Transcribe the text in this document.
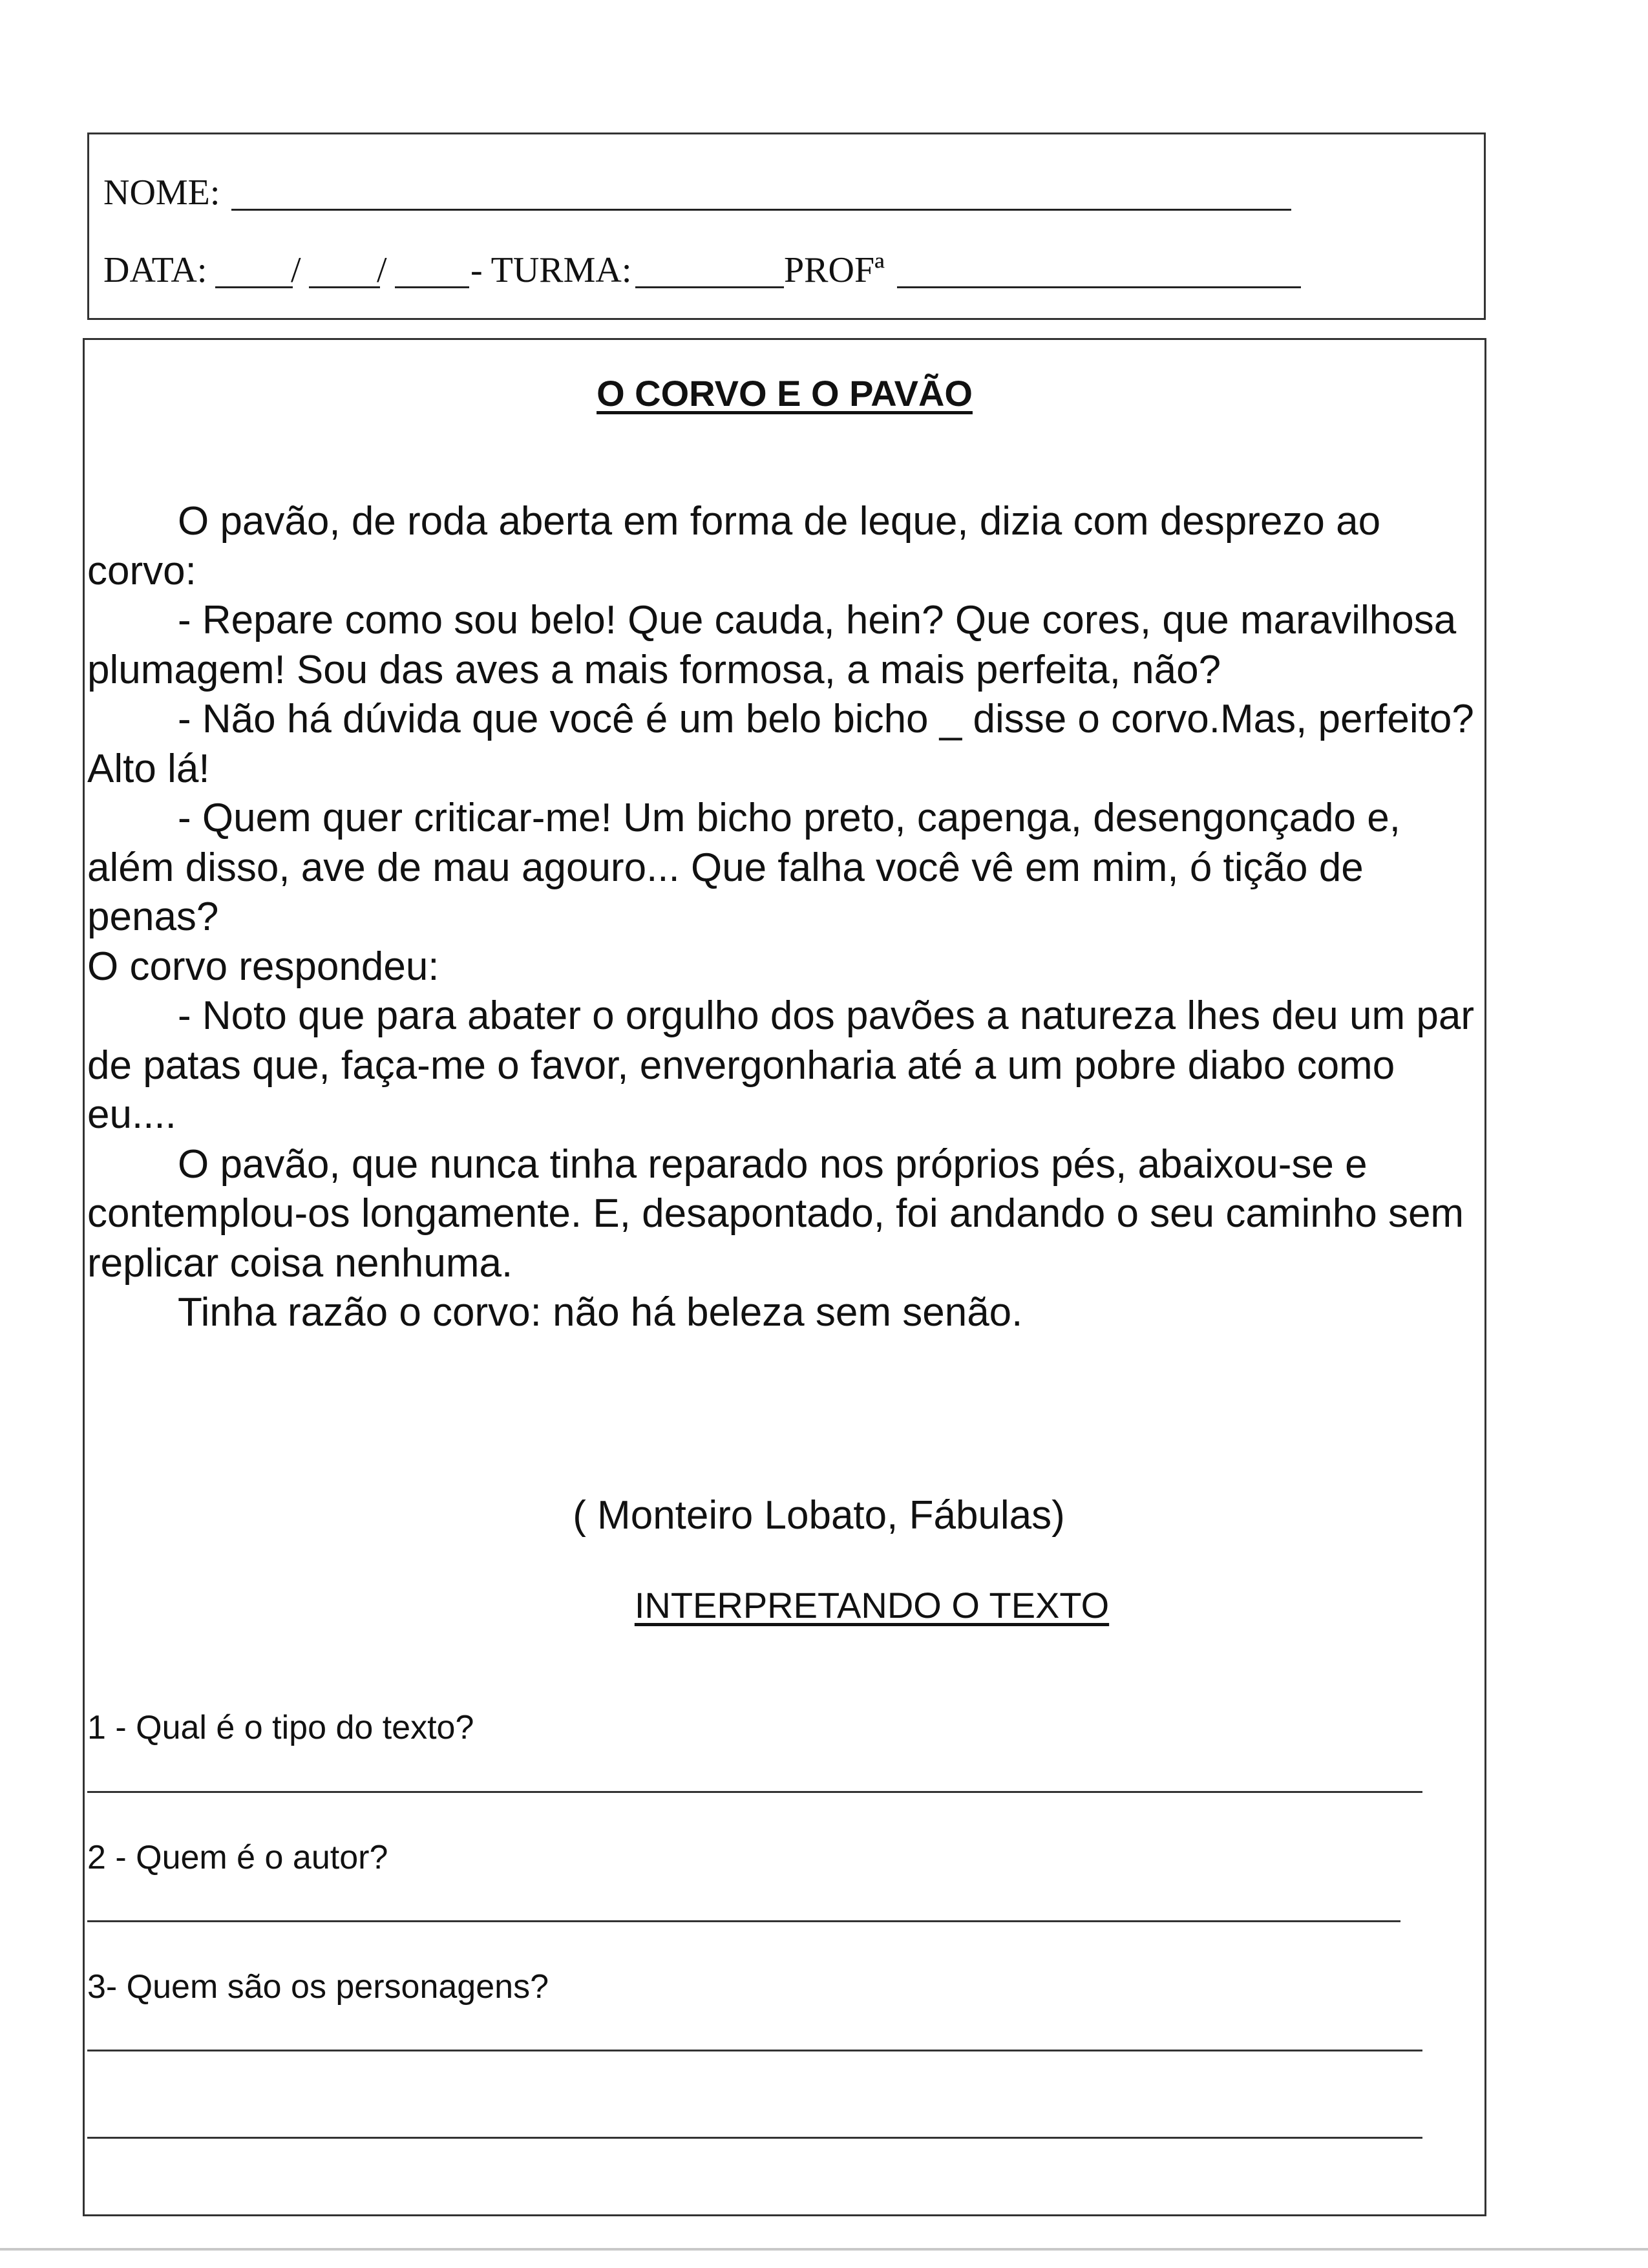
NOME:
DATA: / / - TURMA:	PROFª
O CORVO E O PAVÃO

O pavão, de roda aberta em forma de leque, dizia com desprezo ao corvo:

- Repare como sou belo! Que cauda, hein? Que cores, que maravilhosa plumagem! Sou das aves a mais formosa, a mais perfeita, não?

- Não há dúvida que você é um belo bicho _ disse o corvo.Mas, perfeito? Alto lá!

- Quem quer criticar-me! Um bicho preto, capenga, desengonçado e, além disso, ave de mau agouro... Que falha você vê em mim, ó tição de penas?

O corvo respondeu:

- Noto que para abater o orgulho dos pavões a natureza lhes deu um par de patas que, faça-me o favor, envergonharia até a um pobre diabo como eu....

O pavão, que nunca tinha reparado nos próprios pés, abaixou-se e contemplou-os longamente. E, desapontado, foi andando o seu caminho sem replicar coisa nenhuma.

Tinha razão o corvo: não há beleza sem senão.

( Monteiro Lobato, Fábulas)
INTERPRETANDO O TEXTO
1 - Qual é o tipo do texto?
2 - Quem é o autor?
3- Quem são os personagens?
